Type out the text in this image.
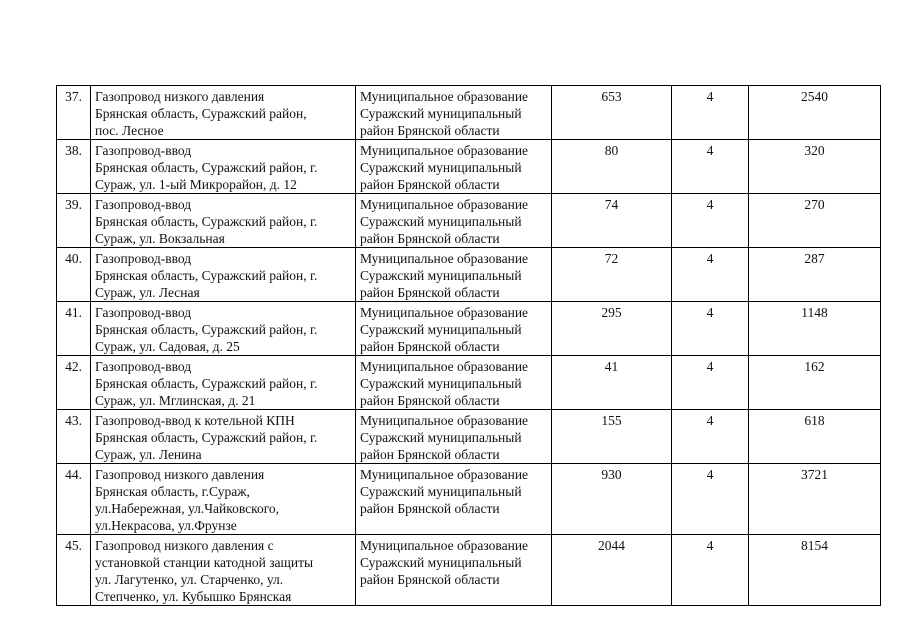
37.	Газопровод низкого давления
Брянская область, Суражский район,
пос. Лесное	Муниципальное образование
Суражский муниципальный
район Брянской области	653	4	2540
38.	Газопровод-ввод
Брянская область, Суражский район, г.
Сураж, ул. 1-ый Микрорайон, д. 12	Муниципальное образование
Суражский муниципальный
район Брянской области	80	4	320
39.	Газопровод-ввод
Брянская область, Суражский район, г.
Сураж, ул. Вокзальная	Муниципальное образование
Суражский муниципальный
район Брянской области	74	4	270
40.	Газопровод-ввод
Брянская область, Суражский район, г.
Сураж, ул. Лесная	Муниципальное образование
Суражский муниципальный
район Брянской области	72	4	287
41.	Газопровод-ввод
Брянская область, Суражский район, г.
Сураж, ул. Садовая, д. 25	Муниципальное образование
Суражский муниципальный
район Брянской области	295	4	1148
42.	Газопровод-ввод
Брянская область, Суражский район, г.
Сураж, ул. Мглинская, д. 21	Муниципальное образование
Суражский муниципальный
район Брянской области	41	4	162
43.	Газопровод-ввод к котельной КПН
Брянская область, Суражский район, г.
Сураж, ул. Ленина	Муниципальное образование
Суражский муниципальный
район Брянской области	155	4	618
44.	Газопровод низкого давления
Брянская область, г.Сураж,
ул.Набережная, ул.Чайковского,
ул.Некрасова, ул.Фрунзе	Муниципальное образование
Суражский муниципальный
район Брянской области	930	4	3721
45.	Газопровод низкого давления с
установкой станции катодной защиты
ул. Лагутенко, ул. Старченко, ул.
Степченко, ул. Кубышко Брянская	Муниципальное образование
Суражский муниципальный
район Брянской области	2044	4	8154
